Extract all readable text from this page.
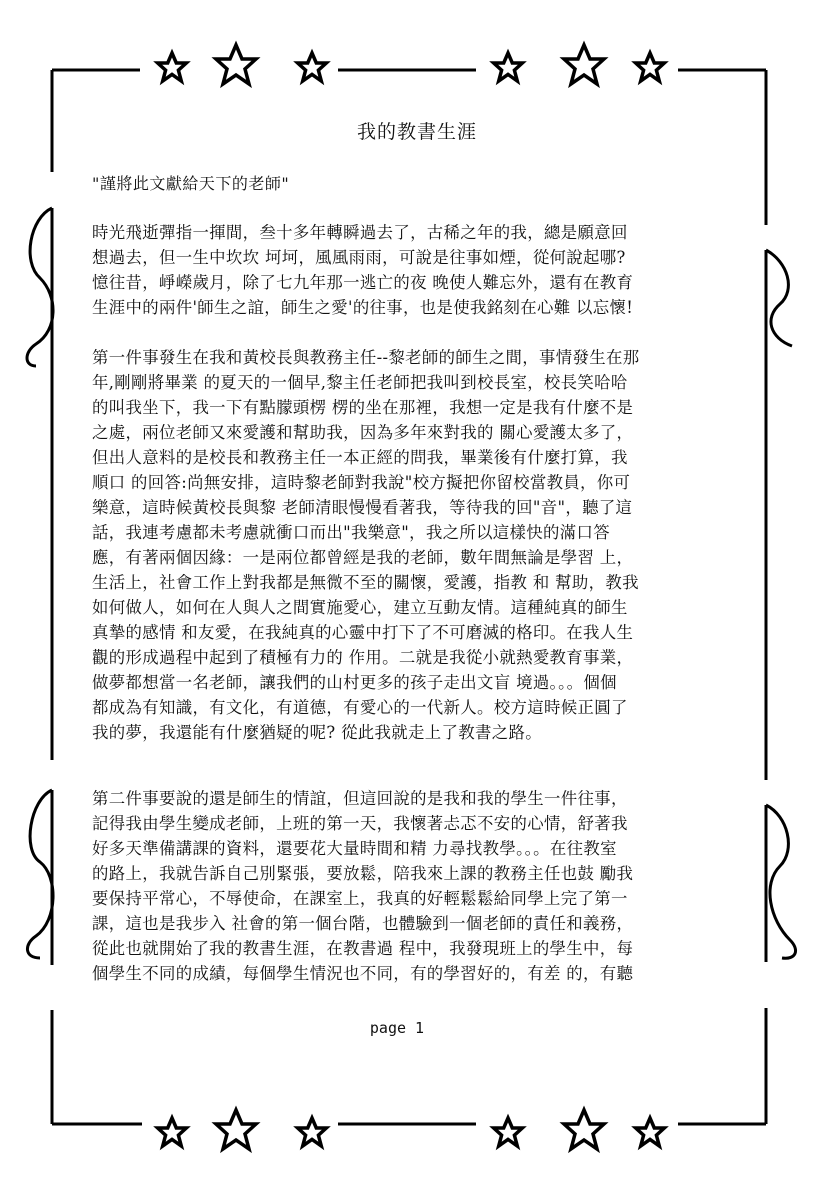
我的教書生涯
"謹將此文獻給天下的老師"

時光飛逝彈指一揮間，叁十多年轉瞬過去了，古稀之年的我，總是願意回
想過去，但一生中坎坎 坷坷，風風雨雨，可說是往事如煙，從何說起哪?
憶往昔，崢嶸歲月，除了七九年那一逃亡的夜 晚使人難忘外，還有在教育
生涯中的兩件'師生之誼，師生之愛'的往事，也是使我銘刻在心難 以忘懷!

第一件事發生在我和黃校長與教務主任--黎老師的師生之間，事情發生在那
年,剛剛將畢業 的夏天的一個早,黎主任老師把我叫到校長室，校長笑哈哈
的叫我坐下，我一下有點朦頭楞 楞的坐在那裡，我想一定是我有什麼不是
之處，兩位老師又來愛護和幫助我，因為多年來對我的 關心愛護太多了，
但出人意料的是校長和教務主任一本正經的問我，畢業後有什麼打算，我
順口 的回答:尚無安排，這時黎老師對我說"校方擬把你留校當教員，你可
樂意，這時候黃校長與黎 老師清眼慢慢看著我，等待我的回"音"，聽了這
話，我連考慮都未考慮就衝口而出"我樂意"，我之所以這樣快的滿口答
應，有著兩個因緣：一是兩位都曾經是我的老師，數年間無論是學習 上，
生活上，社會工作上對我都是無微不至的關懷，愛護，指教 和 幫助，教我
如何做人，如何在人與人之間實施愛心，建立互動友情。這種純真的師生
真摯的感情 和友愛，在我純真的心靈中打下了不可磨滅的格印。在我人生
觀的形成過程中起到了積極有力的 作用。二就是我從小就熱愛教育事業，
做夢都想當一名老師，讓我們的山村更多的孩子走出文盲 境過。。。個個
都成為有知識，有文化，有道德，有愛心的一代新人。校方這時候正圓了
我的夢，我還能有什麼猶疑的呢? 從此我就走上了教書之路。

第二件事要說的還是師生的情誼，但這回說的是我和我的學生一件往事，
記得我由學生變成老師，上班的第一天，我懷著忐忑不安的心情，舒著我
好多天準備講課的資料，還要花大量時間和精 力尋找教學。。。在往教室
的路上，我就告訴自己別緊張，要放鬆，陪我來上課的教務主任也鼓 勵我
要保持平常心，不辱使命，在課室上，我真的好輕鬆鬆給同學上完了第一
課，這也是我步入 社會的第一個台階，也體驗到一個老師的責任和義務，
從此也就開始了我的教書生涯，在教書過 程中，我發現班上的學生中，每
個學生不同的成績，每個學生情況也不同，有的學習好的，有差 的，有聽

page 1
